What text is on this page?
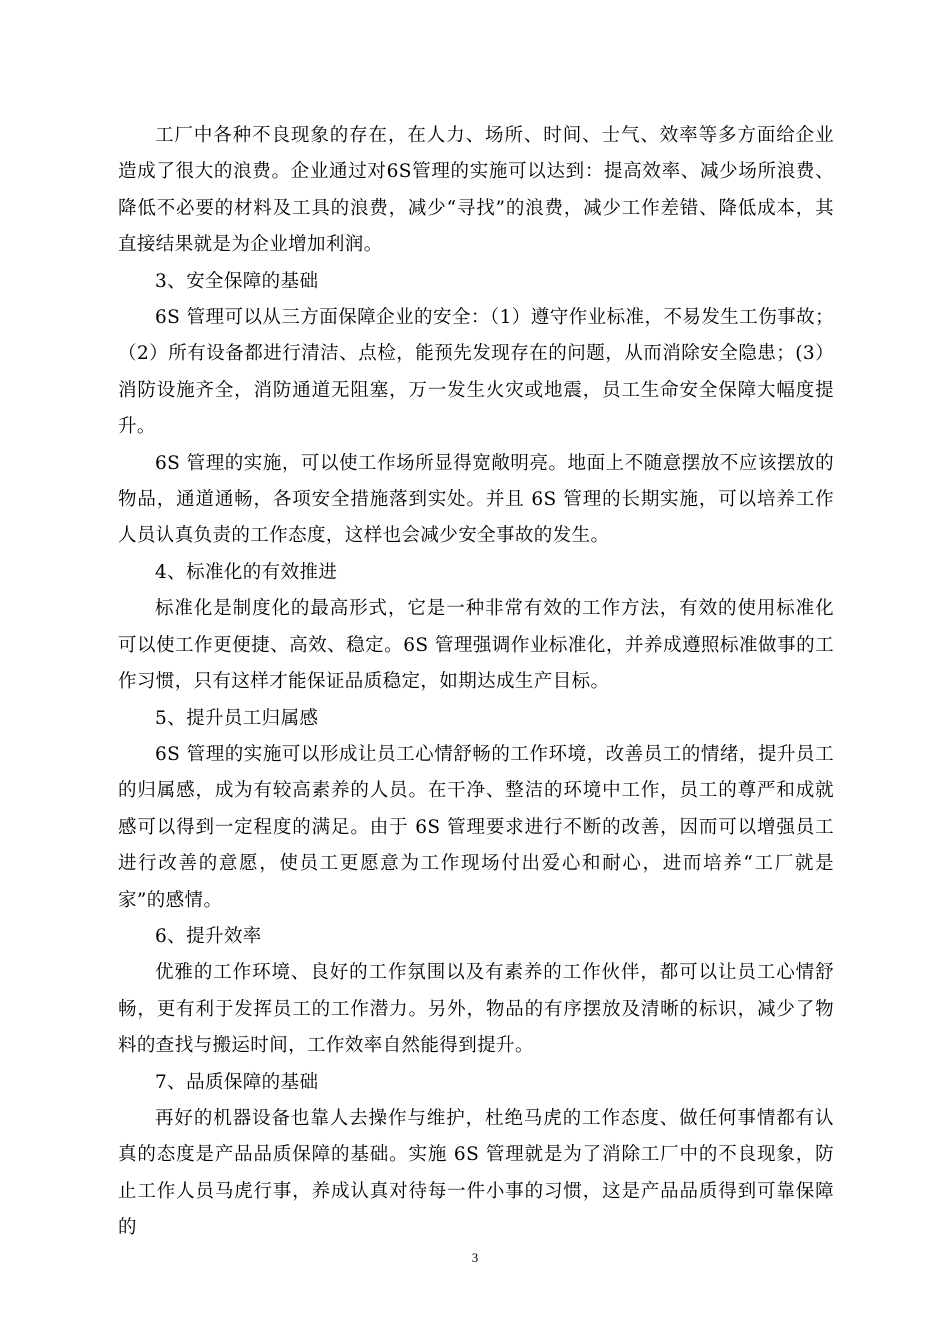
工厂中各种不良现象的存在，在人力、场所、时间、士气、效率等多方面给企业造成了很大的浪费。企业通过对6S管理的实施可以达到：提高效率、减少场所浪费、降低不必要的材料及工具的浪费，减少“寻找”的浪费，减少工作差错、降低成本，其直接结果就是为企业增加利润。

3、安全保障的基础

6S 管理可以从三方面保障企业的安全：（1）遵守作业标准，不易发生工伤事故；（2）所有设备都进行清洁、点检，能预先发现存在的问题，从而消除安全隐患；(3）消防设施齐全，消防通道无阻塞，万一发生火灾或地震，员工生命安全保障大幅度提升。

6S 管理的实施，可以使工作场所显得宽敞明亮。地面上不随意摆放不应该摆放的物品，通道通畅，各项安全措施落到实处。并且 6S 管理的长期实施，可以培养工作人员认真负责的工作态度，这样也会减少安全事故的发生。

4、标准化的有效推进

标准化是制度化的最高形式，它是一种非常有效的工作方法，有效的使用标准化可以使工作更便捷、高效、稳定。6S 管理强调作业标准化，并养成遵照标准做事的工作习惯，只有这样才能保证品质稳定，如期达成生产目标。

5、提升员工归属感

6S 管理的实施可以形成让员工心情舒畅的工作环境，改善员工的情绪，提升员工的归属感，成为有较高素养的人员。在干净、整洁的环境中工作，员工的尊严和成就感可以得到一定程度的满足。由于 6S 管理要求进行不断的改善，因而可以增强员工进行改善的意愿，使员工更愿意为工作现场付出爱心和耐心，进而培养“工厂就是家”的感情。

6、提升效率

优雅的工作环境、良好的工作氛围以及有素养的工作伙伴，都可以让员工心情舒畅，更有利于发挥员工的工作潜力。另外，物品的有序摆放及清晰的标识，减少了物料的查找与搬运时间，工作效率自然能得到提升。

7、品质保障的基础

再好的机器设备也靠人去操作与维护，杜绝马虎的工作态度、做任何事情都有认真的态度是产品品质保障的基础。实施 6S 管理就是为了消除工厂中的不良现象，防止工作人员马虎行事，养成认真对待每一件小事的习惯，这是产品品质得到可靠保障的

3
